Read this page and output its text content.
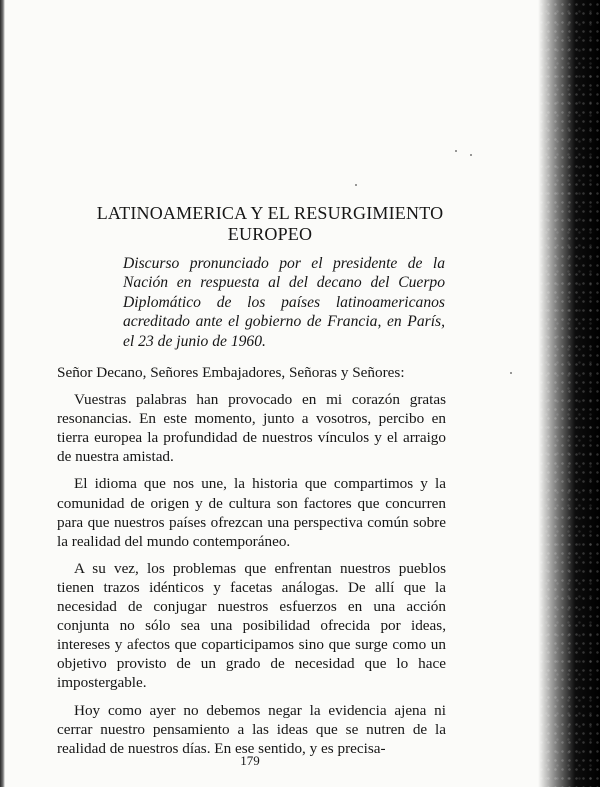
LATINOAMERICA Y EL RESURGIMIENTO EUROPEO
Discurso pronunciado por el presidente de la Nación en respuesta al del decano del Cuerpo Diplomático de los países latinoamericanos acreditado ante el gobierno de Francia, en París, el 23 de junio de 1960.

Señor Decano, Señores Embajadores, Señoras y Señores:

Vuestras palabras han provocado en mi corazón gratas resonancias. En este momento, junto a vosotros, percibo en tierra europea la profundidad de nuestros vínculos y el arraigo de nuestra amistad.

El idioma que nos une, la historia que compartimos y la comunidad de origen y de cultura son factores que concurren para que nuestros países ofrezcan una perspectiva común sobre la realidad del mundo contemporáneo.

A su vez, los problemas que enfrentan nuestros pueblos tienen trazos idénticos y facetas análogas. De allí que la necesidad de conjugar nuestros esfuerzos en una acción conjunta no sólo sea una posibilidad ofrecida por ideas, intereses y afectos que coparticipamos sino que surge como un objetivo provisto de un grado de necesidad que lo hace impostergable.

Hoy como ayer no debemos negar la evidencia ajena ni cerrar nuestro pensamiento a las ideas que se nutren de la realidad de nuestros días. En ese sentido, y es precisa-

179
